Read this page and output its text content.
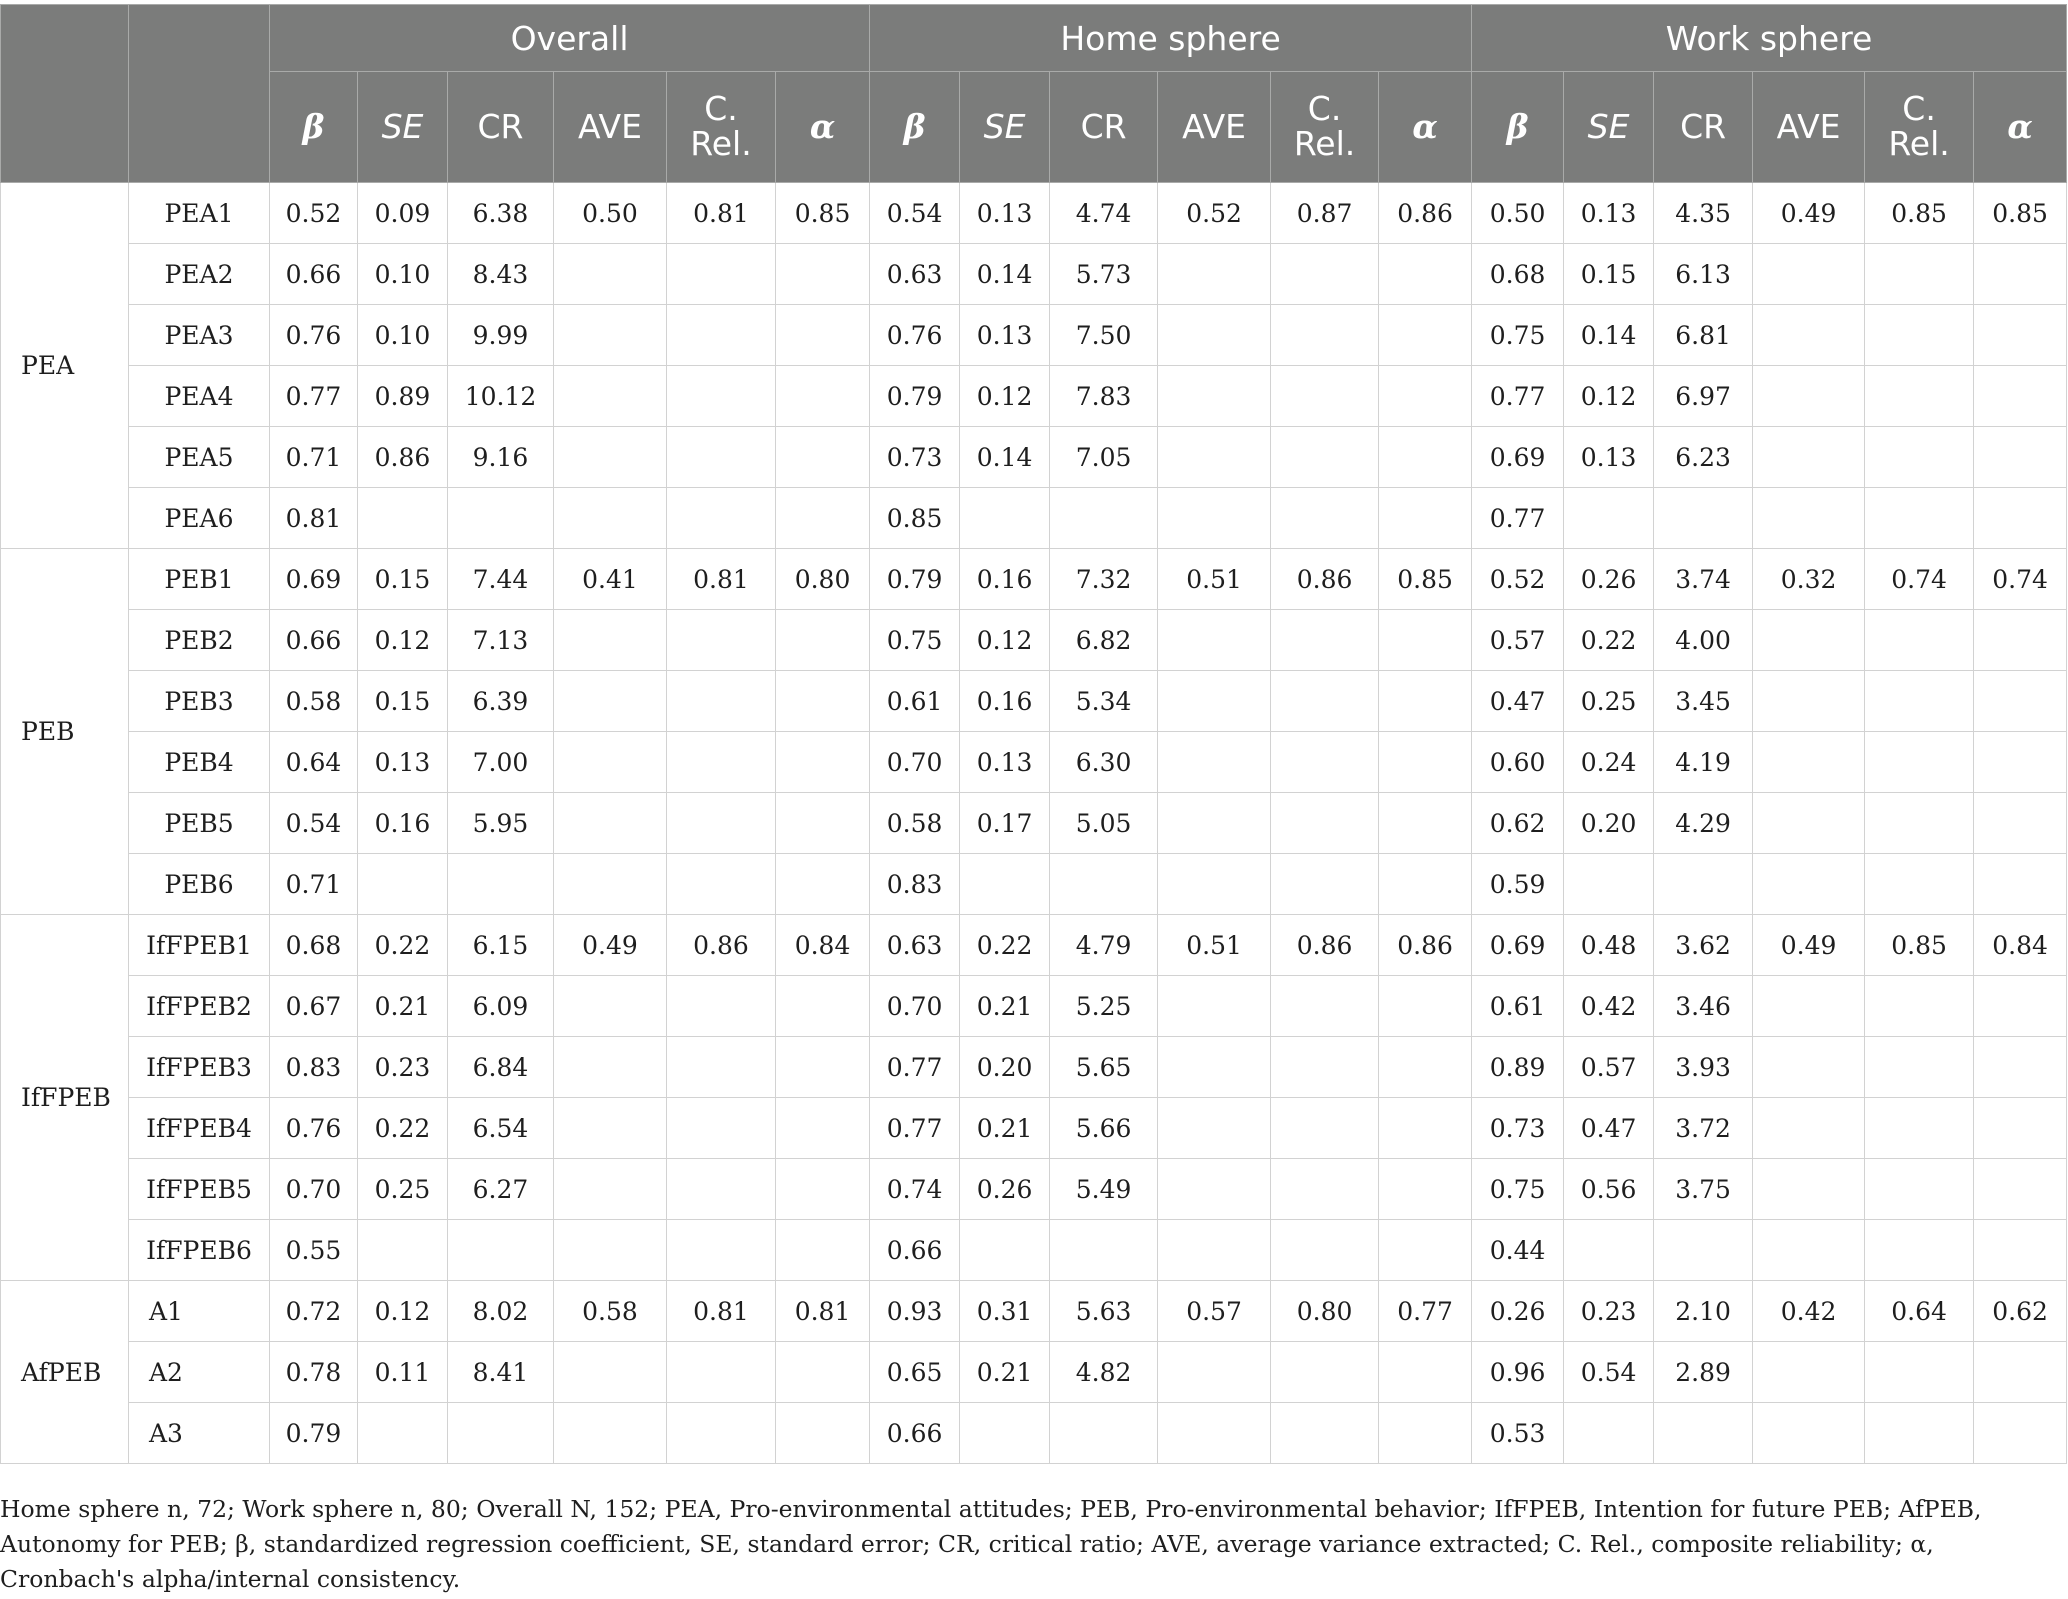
		Overall						Home sphere						Work sphere					
		β	SE	CR	AVE	C. Rel.	α	β	SE	CR	AVE	C. Rel.	α	β	SE	CR	AVE	C. Rel.	α
PEA	PEA1	0.52	0.09	6.38	0.50	0.81	0.85	0.54	0.13	4.74	0.52	0.87	0.86	0.50	0.13	4.35	0.49	0.85	0.85
	PEA2	0.66	0.10	8.43				0.63	0.14	5.73				0.68	0.15	6.13			
	PEA3	0.76	0.10	9.99				0.76	0.13	7.50				0.75	0.14	6.81			
	PEA4	0.77	0.89	10.12				0.79	0.12	7.83				0.77	0.12	6.97			
	PEA5	0.71	0.86	9.16				0.73	0.14	7.05				0.69	0.13	6.23			
	PEA6	0.81						0.85						0.77					
PEB	PEB1	0.69	0.15	7.44	0.41	0.81	0.80	0.79	0.16	7.32	0.51	0.86	0.85	0.52	0.26	3.74	0.32	0.74	0.74
	PEB2	0.66	0.12	7.13				0.75	0.12	6.82				0.57	0.22	4.00			
	PEB3	0.58	0.15	6.39				0.61	0.16	5.34				0.47	0.25	3.45			
	PEB4	0.64	0.13	7.00				0.70	0.13	6.30				0.60	0.24	4.19			
	PEB5	0.54	0.16	5.95				0.58	0.17	5.05				0.62	0.20	4.29			
	PEB6	0.71						0.83						0.59					
IfFPEB	IfFPEB1	0.68	0.22	6.15	0.49	0.86	0.84	0.63	0.22	4.79	0.51	0.86	0.86	0.69	0.48	3.62	0.49	0.85	0.84
	IfFPEB2	0.67	0.21	6.09				0.70	0.21	5.25				0.61	0.42	3.46			
	IfFPEB3	0.83	0.23	6.84				0.77	0.20	5.65				0.89	0.57	3.93			
	IfFPEB4	0.76	0.22	6.54				0.77	0.21	5.66				0.73	0.47	3.72			
	IfFPEB5	0.70	0.25	6.27				0.74	0.26	5.49				0.75	0.56	3.75			
	IfFPEB6	0.55						0.66						0.44					
AfPEB	A1	0.72	0.12	8.02	0.58	0.81	0.81	0.93	0.31	5.63	0.57	0.80	0.77	0.26	0.23	2.10	0.42	0.64	0.62
	A2	0.78	0.11	8.41				0.65	0.21	4.82				0.96	0.54	2.89			
	A3	0.79						0.66						0.53					
Home sphere n, 72; Work sphere n, 80; Overall N, 152; PEA, Pro-environmental attitudes; PEB, Pro-environmental behavior; IfFPEB, Intention for future PEB; AfPEB, Autonomy for PEB; β, standardized regression coefficient, SE, standard error; CR, critical ratio; AVE, average variance extracted; C. Rel., composite reliability; α, Cronbach's alpha/internal consistency.
